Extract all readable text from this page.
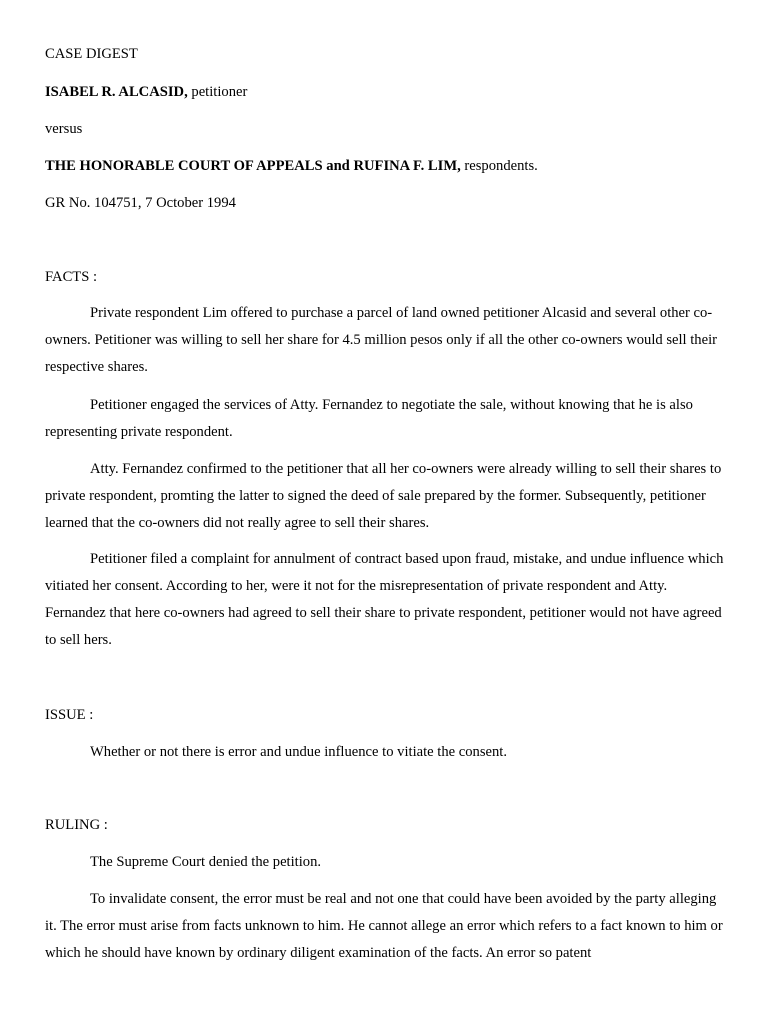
CASE DIGEST
ISABEL R. ALCASID, petitioner
versus
THE HONORABLE COURT OF APPEALS and RUFINA F. LIM, respondents.
GR No. 104751, 7 October 1994
FACTS :

Private respondent Lim offered to purchase a parcel of land owned petitioner Alcasid and several other co-owners. Petitioner was willing to sell her share for 4.5 million pesos only if all the other co-owners would sell their respective shares.

Petitioner engaged the services of Atty. Fernandez to negotiate the sale, without knowing that he is also representing private respondent.

Atty. Fernandez confirmed to the petitioner that all her co-owners were already willing to sell their shares to private respondent, promting the latter to signed the deed of sale prepared by the former. Subsequently, petitioner learned that the co-owners did not really agree to sell their shares.

Petitioner filed a complaint for annulment of contract based upon fraud, mistake, and undue influence which vitiated her consent. According to her, were it not for the misrepresentation of private respondent and Atty. Fernandez that here co-owners had agreed to sell their share to private respondent, petitioner would not have agreed to sell hers.

ISSUE :
Whether or not there is error and undue influence to vitiate the consent.
RULING :
The Supreme Court denied the petition.

To invalidate consent, the error must be real and not one that could have been avoided by the party alleging it. The error must arise from facts unknown to him. He cannot allege an error which refers to a fact known to him or which he should have known by ordinary diligent examination of the facts. An error so patent
